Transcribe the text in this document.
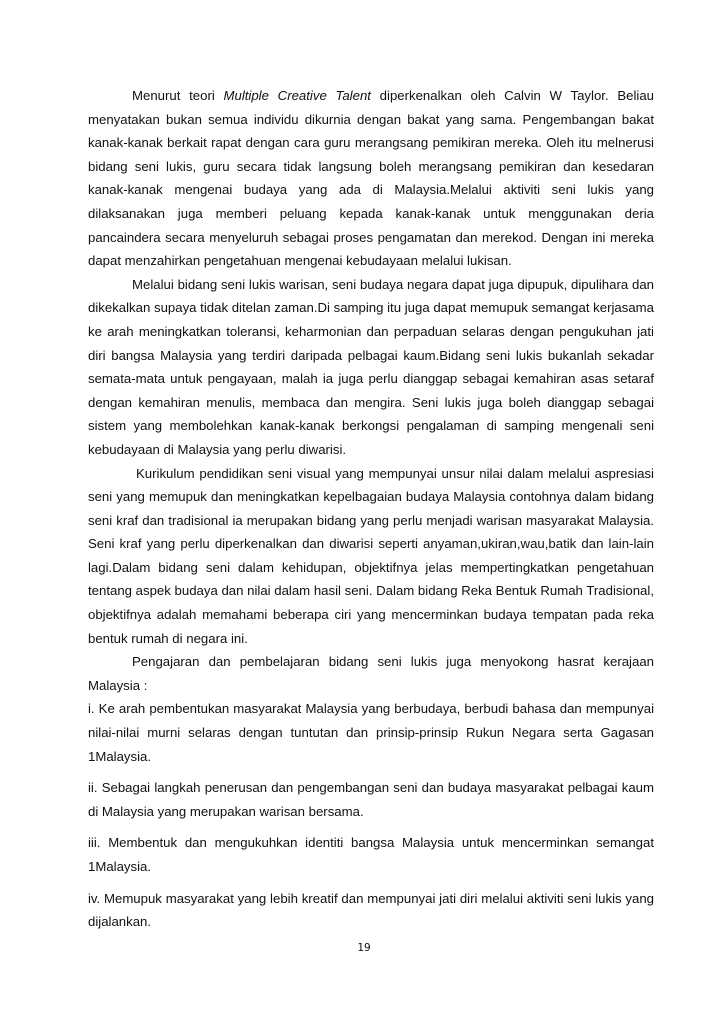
Menurut teori Multiple Creative Talent diperkenalkan oleh Calvin W Taylor. Beliau menyatakan bukan semua individu dikurnia dengan bakat yang sama. Pengembangan bakat kanak-kanak berkait rapat dengan cara guru merangsang pemikiran mereka. Oleh itu melnerusi bidang seni lukis, guru secara tidak langsung boleh merangsang pemikiran dan kesedaran kanak-kanak mengenai budaya yang ada di Malaysia.Melalui aktiviti seni lukis yang dilaksanakan juga memberi peluang kepada kanak-kanak untuk menggunakan deria pancaindera secara menyeluruh sebagai proses pengamatan dan merekod. Dengan ini mereka dapat menzahirkan pengetahuan mengenai kebudayaan melalui lukisan.

Melalui bidang seni lukis warisan, seni budaya negara dapat juga dipupuk, dipulihara dan dikekalkan supaya tidak ditelan zaman.Di samping itu juga dapat memupuk semangat kerjasama ke arah meningkatkan toleransi, keharmonian dan perpaduan selaras dengan pengukuhan jati diri bangsa Malaysia yang terdiri daripada pelbagai kaum.Bidang seni lukis bukanlah sekadar semata-mata untuk pengayaan, malah ia juga perlu dianggap sebagai kemahiran asas setaraf dengan kemahiran menulis, membaca dan mengira. Seni lukis juga boleh dianggap sebagai sistem yang membolehkan kanak-kanak berkongsi pengalaman di samping mengenali seni kebudayaan di Malaysia yang perlu diwarisi.

Kurikulum pendidikan seni visual yang mempunyai unsur nilai dalam melalui aspresiasi seni yang memupuk dan meningkatkan kepelbagaian budaya Malaysia contohnya dalam bidang seni kraf dan tradisional ia merupakan bidang yang perlu menjadi warisan masyarakat Malaysia. Seni kraf yang perlu diperkenalkan dan diwarisi seperti anyaman,ukiran,wau,batik dan lain-lain lagi.Dalam bidang seni dalam kehidupan, objektifnya jelas mempertingkatkan pengetahuan tentang aspek budaya dan nilai dalam hasil seni. Dalam bidang Reka Bentuk Rumah Tradisional, objektifnya adalah memahami beberapa ciri yang mencerminkan budaya tempatan pada reka bentuk rumah di negara ini.

Pengajaran dan pembelajaran bidang seni lukis juga menyokong hasrat kerajaan Malaysia :

i. Ke arah pembentukan masyarakat Malaysia yang berbudaya, berbudi bahasa dan mempunyai nilai-nilai murni selaras dengan tuntutan dan prinsip-prinsip Rukun Negara serta Gagasan 1Malaysia.

ii. Sebagai langkah penerusan dan pengembangan seni dan budaya masyarakat pelbagai kaum di Malaysia yang merupakan warisan bersama.

iii. Membentuk dan mengukuhkan identiti bangsa Malaysia untuk mencerminkan semangat 1Malaysia.

iv. Memupuk masyarakat yang lebih kreatif dan mempunyai jati diri melalui aktiviti seni lukis yang dijalankan.

19
